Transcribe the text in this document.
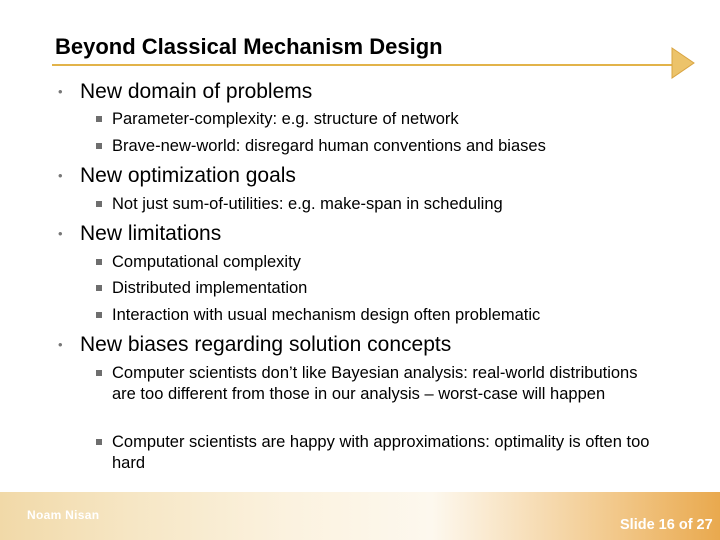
Beyond Classical Mechanism Design
• New domain of problems
Parameter-complexity: e.g. structure of network
Brave-new-world: disregard human conventions and biases
• New optimization goals
Not just sum-of-utilities: e.g. make-span in scheduling
• New limitations
Computational complexity
Distributed implementation
Interaction with usual mechanism design often problematic
• New biases regarding solution concepts
Computer scientists don’t like Bayesian analysis: real-world distributions are too different from those in our analysis – worst-case will happen
Computer scientists are happy with approximations: optimality is often too hard
Noam Nisan
Slide 16 of 27
